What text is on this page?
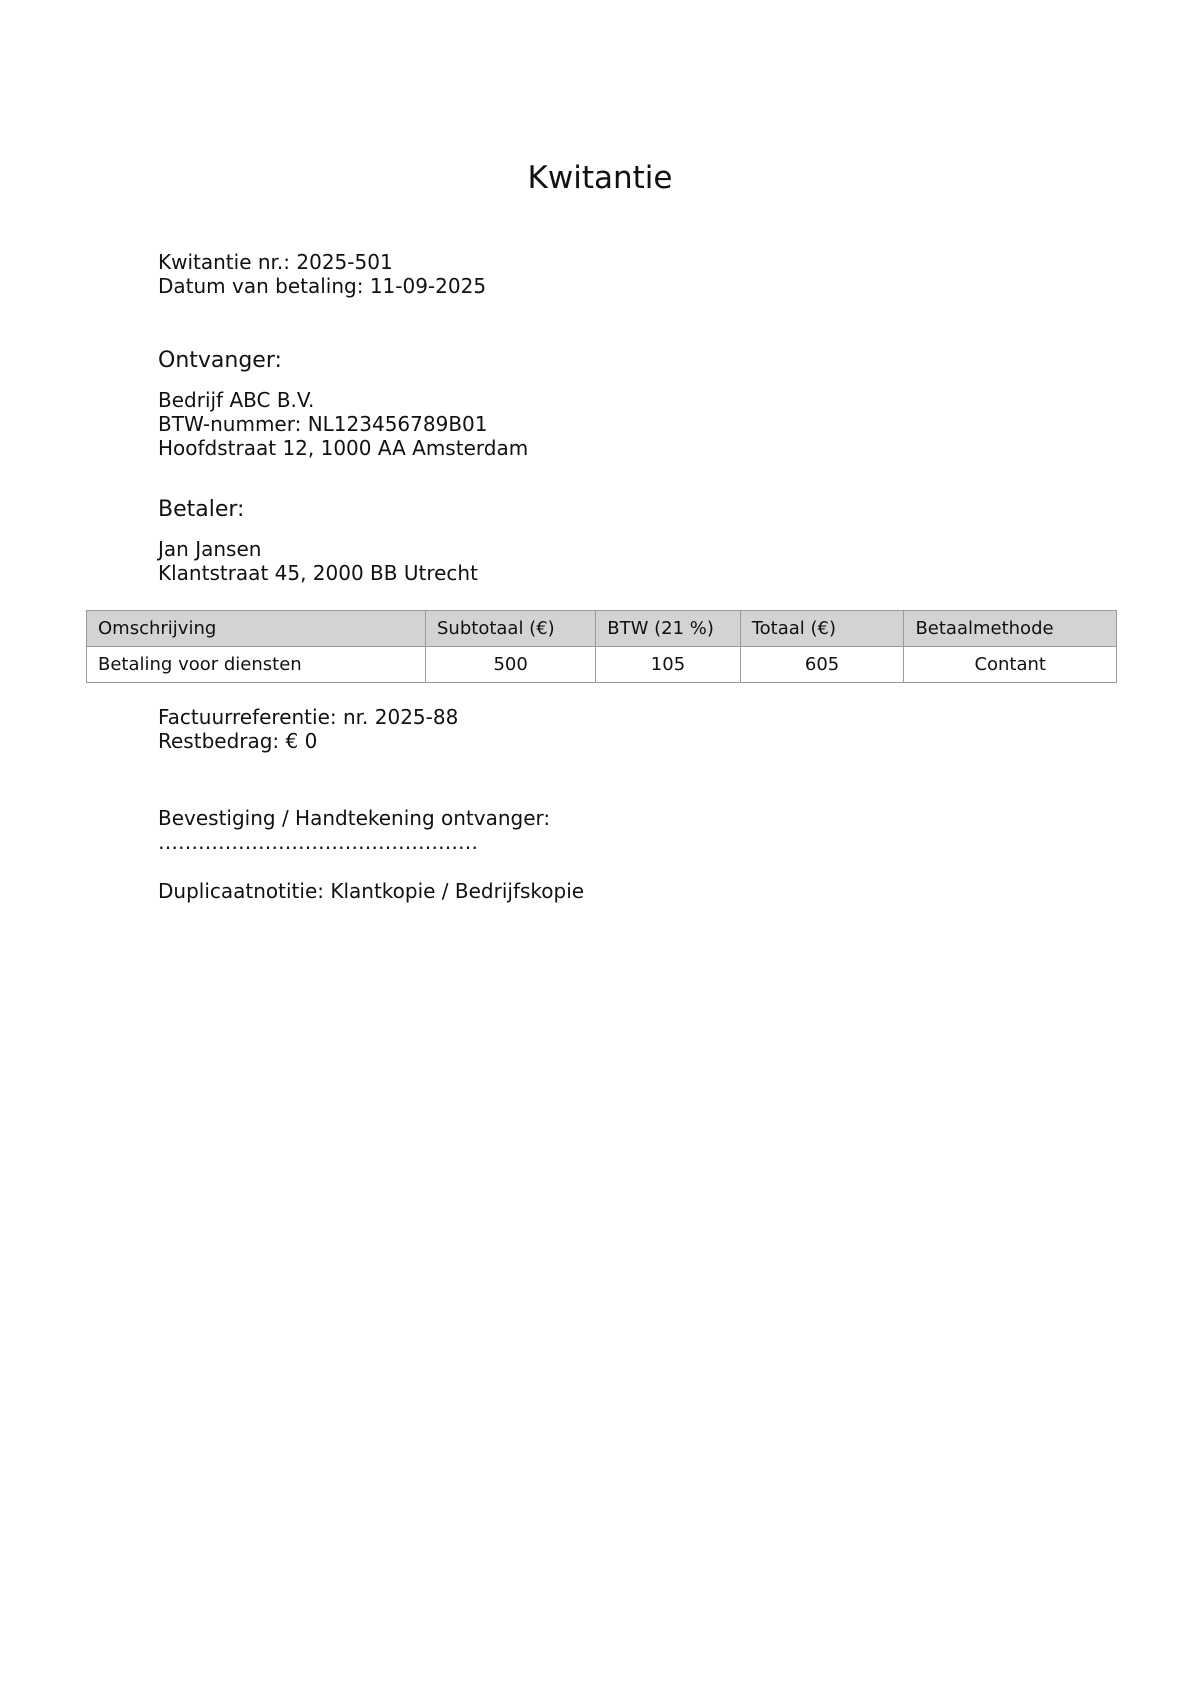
Kwitantie
Kwitantie nr.: 2025-501
Datum van betaling: 11-09-2025
Ontvanger:
Bedrijf ABC B.V.
BTW-nummer: NL123456789B01
Hoofdstraat 12, 1000 AA Amsterdam
Betaler:
Jan Jansen
Klantstraat 45, 2000 BB Utrecht
Omschrijving	Subtotaal (€)	BTW (21 %)	Totaal (€)	Betaalmethode
Betaling voor diensten	500	105	605	Contant
Factuurreferentie: nr. 2025-88
Restbedrag: € 0
Bevestiging / Handtekening ontvanger:
…………………………………………
Duplicaatnotitie: Klantkopie / Bedrijfskopie
